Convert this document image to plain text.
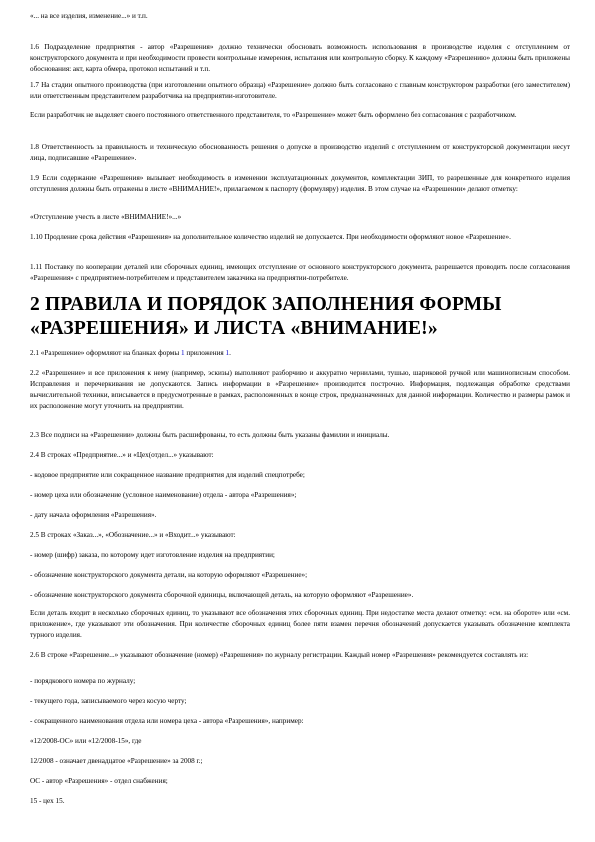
«... на все изделия, изменение...» и т.п.

1.6 Подразделение предприятия - автор «Разрешения» должно технически обосновать возможность использования в производстве изделия с отступлением от конструкторского документа и при необходимости провести контрольные измерения, испытания или контрольную сборку. К каждому «Разрешению» должны быть приложены обоснования: акт, карта обмера, протокол испытаний и т.п.

1.7 На стадии опытного производства (при изготовлении опытного образца) «Разрешение» должно быть согласовано с главным конструктором разработки (его заместителем) или ответственным представителем разработчика на предприятии-изготовителе.

Если разработчик не выделяет своего постоянного ответственного представителя, то «Разрешение» может быть оформлено без согласования с разработчиком.

1.8 Ответственность за правильность и техническую обоснованность решения о допуске в производство изделий с отступлением от конструкторской документации несут лица, подписавшие «Разрешение».

1.9 Если содержание «Разрешения» вызывает необходимость в изменении эксплуатационных документов, комплектации ЗИП, то разрешенные для конкретного изделия отступления должны быть отражены в листе «ВНИМАНИЕ!», прилагаемом к паспорту (формуляру) изделия. В этом случае на «Разрешении» делают отметку:

«Отступление учесть в листе «ВНИМАНИЕ!»...»

1.10 Продление срока действия «Разрешения» на дополнительное количество изделий не допускается. При необходимости оформляют новое «Разрешение».

1.11 Поставку по кооперации деталей или сборочных единиц, имеющих отступление от основного конструкторского документа, разрешается проводить после согласования «Разрешения» с предприятием-потребителем и представителем заказчика на предприятии-потребителе.

2 ПРАВИЛА И ПОРЯДОК ЗАПОЛНЕНИЯ ФОРМЫ «РАЗРЕШЕНИЯ» И ЛИСТА «ВНИМАНИЕ!»

2.1 «Разрешение» оформляют на бланках формы 1 приложения 1.

2.2 «Разрешение» и все приложения к нему (например, эскизы) выполняют разборчиво и аккуратно чернилами, тушью, шариковой ручкой или машинописным способом. Исправления и перечеркивания не допускаются. Запись информации в «Разрешение» производится построчно. Информация, подлежащая обработке средствами вычислительной техники, вписывается в предусмотренные в рамках, расположенных в конце строк, предназначенных для данной информации. Количество и размеры рамок и их расположение могут уточнить на предприятии.

2.3 Все подписи на «Разрешении» должны быть расшифрованы, то есть должны быть указаны фамилии и инициалы.

2.4 В строках «Предприятие...» и «Цех(отдел...» указывают:

- кодовое предприятие или сокращенное название предприятия для изделий спецпотребе;

- номер цеха или обозначение (условное наименование) отдела - автора «Разрешения»;

- дату начала оформления «Разрешения».

2.5 В строках «Заказ...», «Обозначение...» и «Входит...» указывают:

- номер (шифр) заказа, по которому идет изготовление изделия на предприятии;

- обозначение конструкторского документа детали, на которую оформляют «Разрешение»;

- обозначение конструкторского документа сборочной единицы, включающей деталь, на которую оформляют «Разрешение».

Если деталь входит в несколько сборочных единиц, то указывают все обозначения этих сборочных единиц. При недостатке места делают отметку: «см. на обороте» или «см. приложение», где указывают эти обозначения. При количестве сборочных единиц более пяти взамен перечня обозначений допускается указывать обозначение комплекта турного изделия.

2.6 В строке «Разрешение...» указывают обозначение (номер) «Разрешения» по журналу регистрации. Каждый номер «Разрешения» рекомендуется составлять из:

- порядкового номера по журналу;

- текущего года, записываемого через косую черту;

- сокращенного наименования отдела или номера цеха - автора «Разрешения», например:

«12/2008-ОС» или «12/2008-15», где

12/2008 - означает двенадцатое «Разрешение» за 2008 г.;

ОС - автор «Разрешения» - отдел снабжения;

15 - цех 15.
